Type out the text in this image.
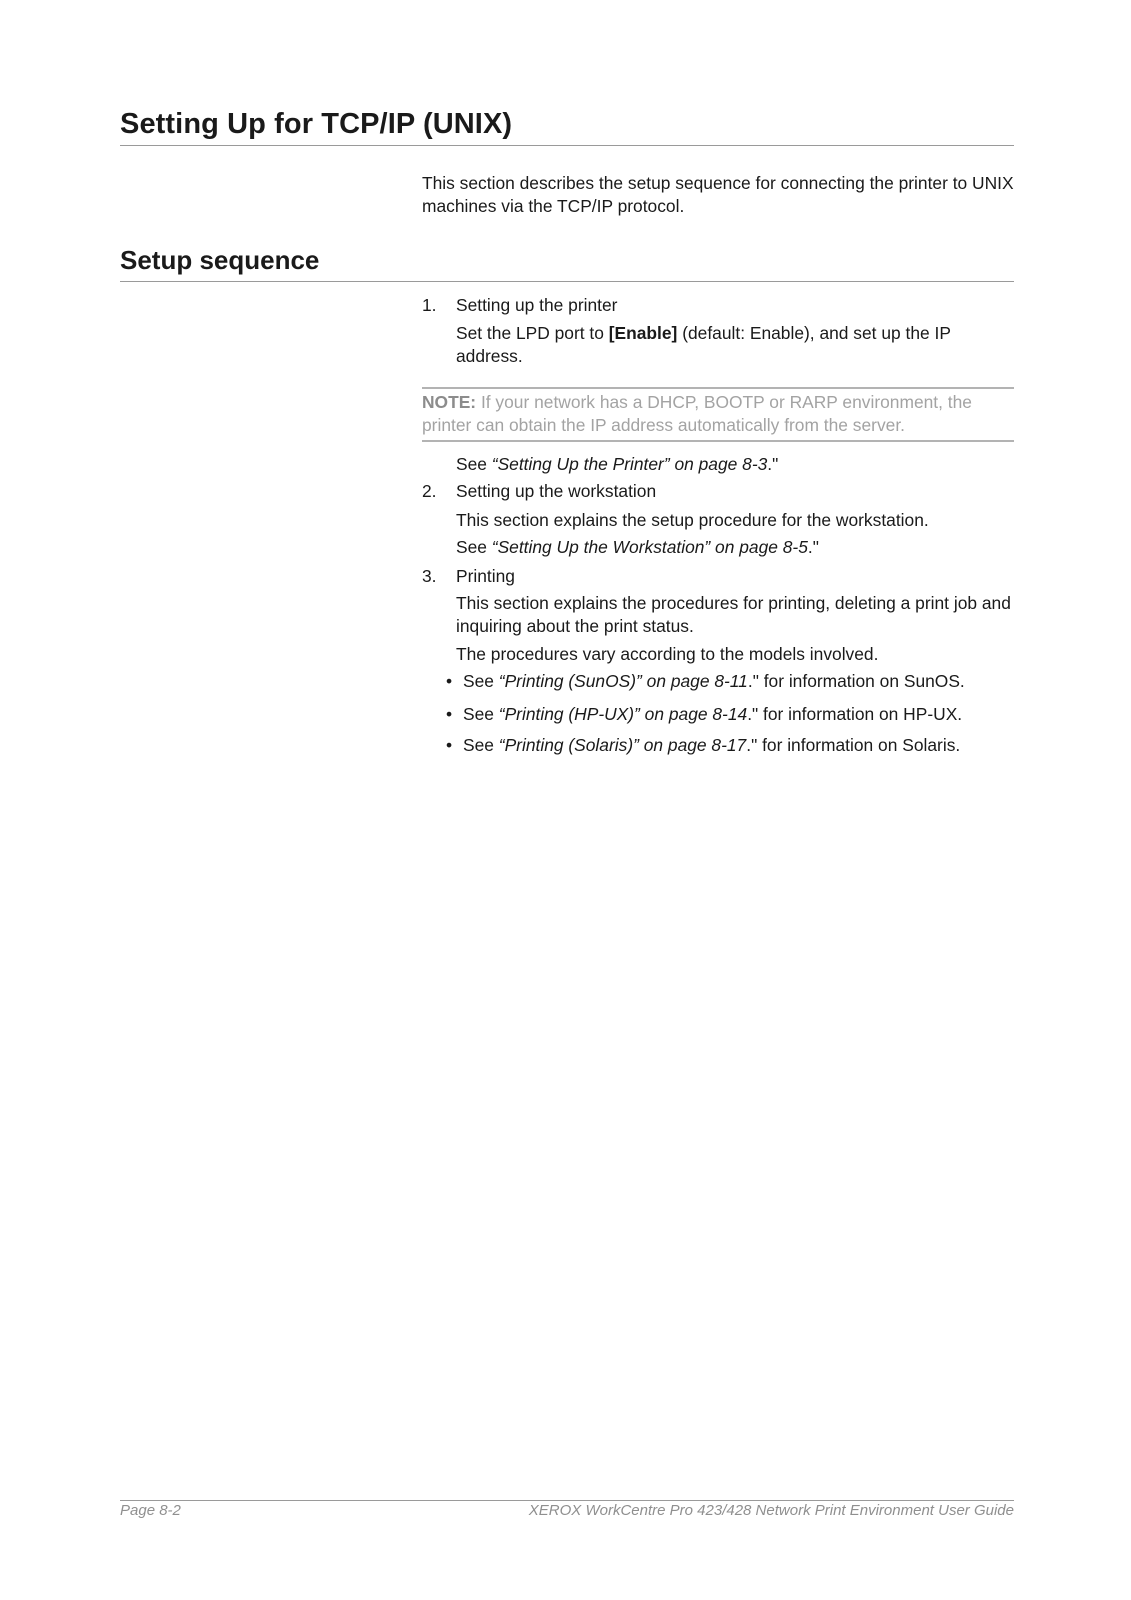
Setting Up for TCP/IP (UNIX)
This section describes the setup sequence for connecting the printer to UNIX machines via the TCP/IP protocol.
Setup sequence
1. Setting up the printer
Set the LPD port to [Enable] (default: Enable), and set up the IP address.
NOTE: If your network has a DHCP, BOOTP or RARP environment, the printer can obtain the IP address automatically from the server.
See “Setting Up the Printer” on page 8-3."
2. Setting up the workstation
This section explains the setup procedure for the workstation.
See “Setting Up the Workstation” on page 8-5."
3. Printing
This section explains the procedures for printing, deleting a print job and inquiring about the print status.
The procedures vary according to the models involved.
• See “Printing (SunOS)” on page 8-11." for information on SunOS.
• See “Printing (HP-UX)” on page 8-14." for information on HP-UX.
• See “Printing (Solaris)” on page 8-17." for information on Solaris.
Page 8-2	XEROX WorkCentre Pro 423/428 Network Print Environment User Guide
